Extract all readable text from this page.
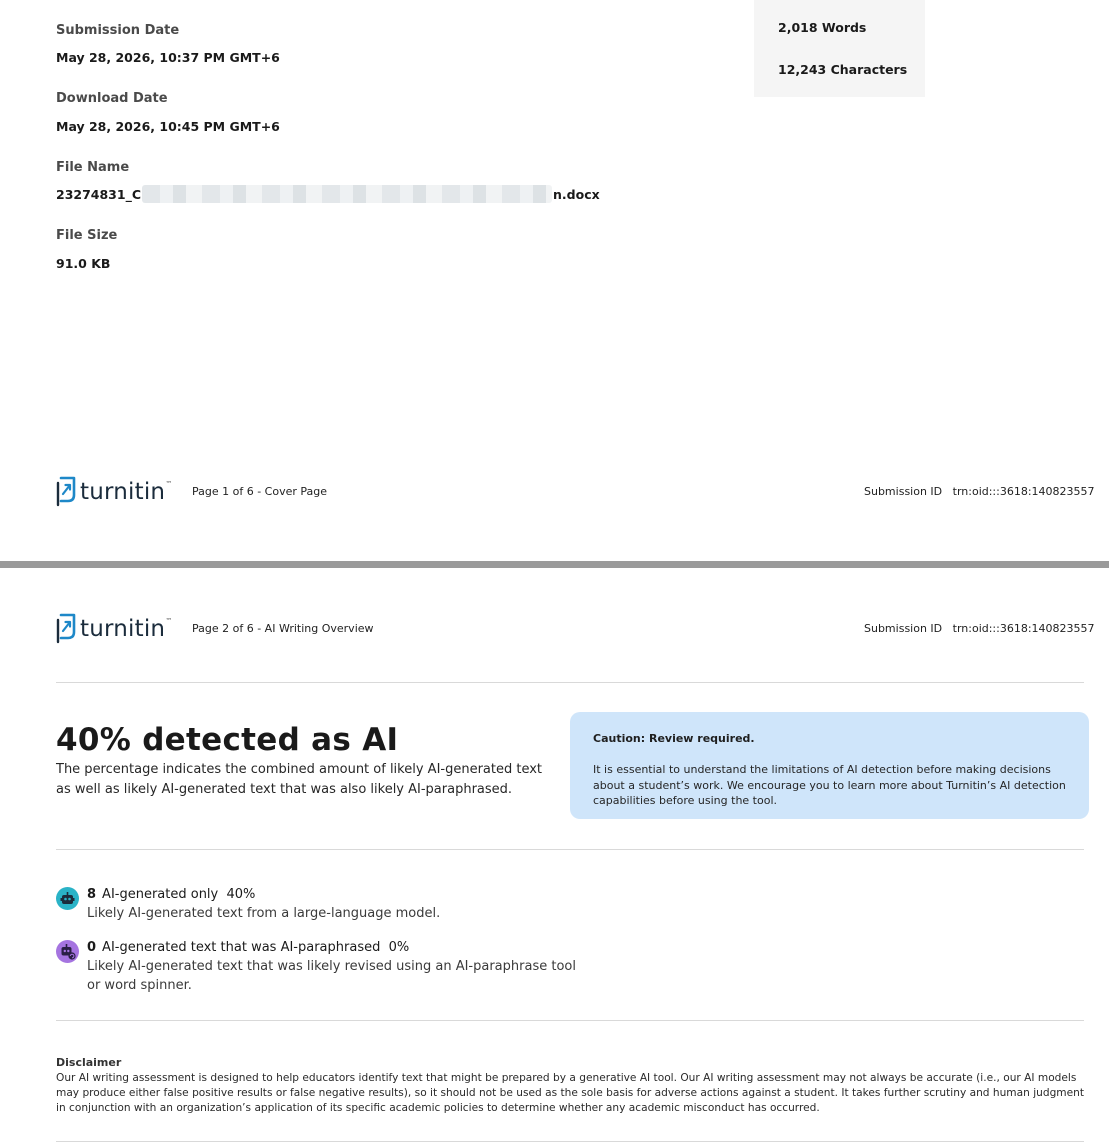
Submission Date
May 28, 2026, 10:37 PM GMT+6
Download Date
May 28, 2026, 10:45 PM GMT+6
File Name
23274831_C	n.docx
File Size
91.0 KB
2,018 Words
12,243 Characters
turnitin™
Page 1 of 6 - Cover Page	Submission ID trn:oid:::3618:140823557
turnitin™
Page 2 of 6 - AI Writing Overview	Submission ID trn:oid:::3618:140823557
40% detected as AI
The percentage indicates the combined amount of likely AI-generated text as well as likely AI-generated text that was also likely AI-paraphrased.
Caution: Review required.
It is essential to understand the limitations of AI detection before making decisions about a student’s work. We encourage you to learn more about Turnitin’s AI detection capabilities before using the tool.
8 AI-generated only 40%
Likely AI-generated text from a large-language model.
0 AI-generated text that was AI-paraphrased 0%
Likely AI-generated text that was likely revised using an AI-paraphrase tool or word spinner.
Disclaimer
Our AI writing assessment is designed to help educators identify text that might be prepared by a generative AI tool. Our AI writing assessment may not always be accurate (i.e., our AI models may produce either false positive results or false negative results), so it should not be used as the sole basis for adverse actions against a student. It takes further scrutiny and human judgment in conjunction with an organization’s application of its specific academic policies to determine whether any academic misconduct has occurred.
